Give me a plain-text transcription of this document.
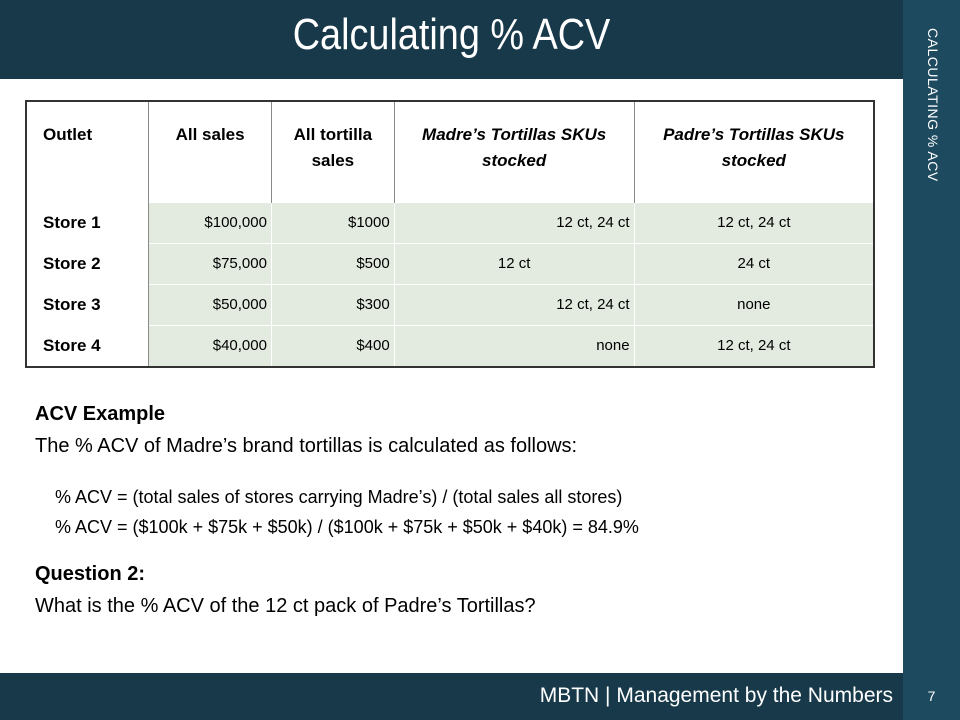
Calculating % ACV	CALCULATING % ACV
7
Outlet	All sales	All tortilla sales	Madre’s Tortillas SKUs stocked	Padre’s Tortillas SKUs stocked
Store 1	$100,000	$1000	12 ct, 24 ct	12 ct, 24 ct
Store 2	$75,000	$500	12 ct	24 ct
Store 3	$50,000	$300	12 ct, 24 ct	none
Store 4	$40,000	$400	none	12 ct, 24 ct
ACV Example
The % ACV of Madre’s brand tortillas is calculated as follows:
% ACV = (total sales of stores carrying Madre’s) / (total sales all stores)
% ACV = ($100k + $75k + $50k) / ($100k + $75k + $50k + $40k) = 84.9%
Question 2:
What is the % ACV of the 12 ct pack of Padre’s Tortillas?
MBTN | Management by the Numbers
